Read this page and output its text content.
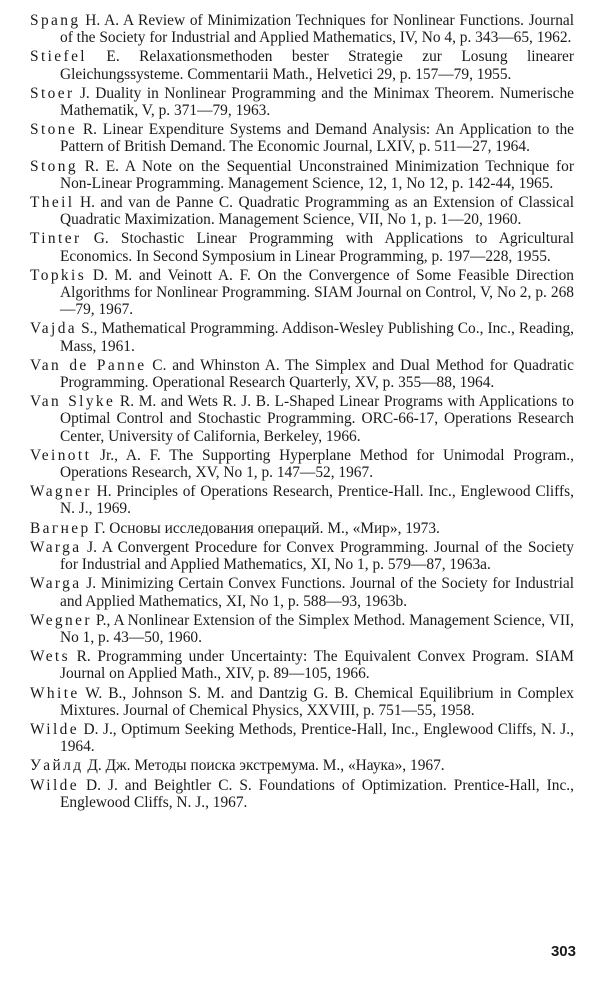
Spang H. A. A Review of Minimization Techniques for Nonlinear Functions. Journal of the Society for Industrial and Applied Mathematics, IV, No 4, p. 343—65, 1962.

Stiefel E. Relaxationsmethoden bester Strategie zur Losung linearer Gleichungssysteme. Commentarii Math., Helvetici 29, p. 157—79, 1955.

Stoer J. Duality in Nonlinear Programming and the Minimax Theorem. Numerische Mathematik, V, p. 371—79, 1963.

Stone R. Linear Expenditure Systems and Demand Analysis: An Application to the Pattern of British Demand. The Economic Journal, LXIV, p. 511—27, 1964.

Stong R. E. A Note on the Sequential Unconstrained Minimization Technique for Non-Linear Programming. Management Science, 12, 1, No 12, p. 142-44, 1965.

Theil H. and van de Panne C. Quadratic Programming as an Extension of Classical Quadratic Maximization. Management Science, VII, No 1, p. 1—20, 1960.

Tinter G. Stochastic Linear Programming with Applications to Agricultural Economics. In Second Symposium in Linear Programming, p. 197—228, 1955.

Topkis D. M. and Veinott A. F. On the Convergence of Some Feasible Direction Algorithms for Nonlinear Programming. SIAM Journal on Control, V, No 2, p. 268—79, 1967.

Vajda S., Mathematical Programming. Addison-Wesley Publishing Co., Inc., Reading, Mass, 1961.

Van de Panne C. and Whinston A. The Simplex and Dual Method for Quadratic Programming. Operational Research Quarterly, XV, p. 355—88, 1964.

Van Slyke R. M. and Wets R. J. B. L-Shaped Linear Programs with Applications to Optimal Control and Stochastic Programming. ORC-66-17, Operations Research Center, University of California, Berkeley, 1966.

Veinott Jr., A. F. The Supporting Hyperplane Method for Unimodal Program., Operations Research, XV, No 1, p. 147—52, 1967.

Wagner H. Principles of Operations Research, Prentice-Hall. Inc., Englewood Cliffs, N. J., 1969.

Вагнер Г. Основы исследования операций. М., «Мир», 1973.

Warga J. A Convergent Procedure for Convex Programming. Journal of the Society for Industrial and Applied Mathematics, XI, No 1, p. 579—87, 1963a.

Warga J. Minimizing Certain Convex Functions. Journal of the Society for Industrial and Applied Mathematics, XI, No 1, p. 588—93, 1963b.

Wegner P., A Nonlinear Extension of the Simplex Method. Management Science, VII, No 1, p. 43—50, 1960.

Wets R. Programming under Uncertainty: The Equivalent Convex Program. SIAM Journal on Applied Math., XIV, p. 89—105, 1966.

White W. B., Johnson S. M. and Dantzig G. B. Chemical Equilibrium in Complex Mixtures. Journal of Chemical Physics, XXVIII, p. 751—55, 1958.

Wilde D. J., Optimum Seeking Methods, Prentice-Hall, Inc., Englewood Cliffs, N. J., 1964.

Уайлд Д. Дж. Методы поиска экстремума. М., «Наука», 1967.

Wilde D. J. and Beightler C. S. Foundations of Optimization. Prentice-Hall, Inc., Englewood Cliffs, N. J., 1967.

303
